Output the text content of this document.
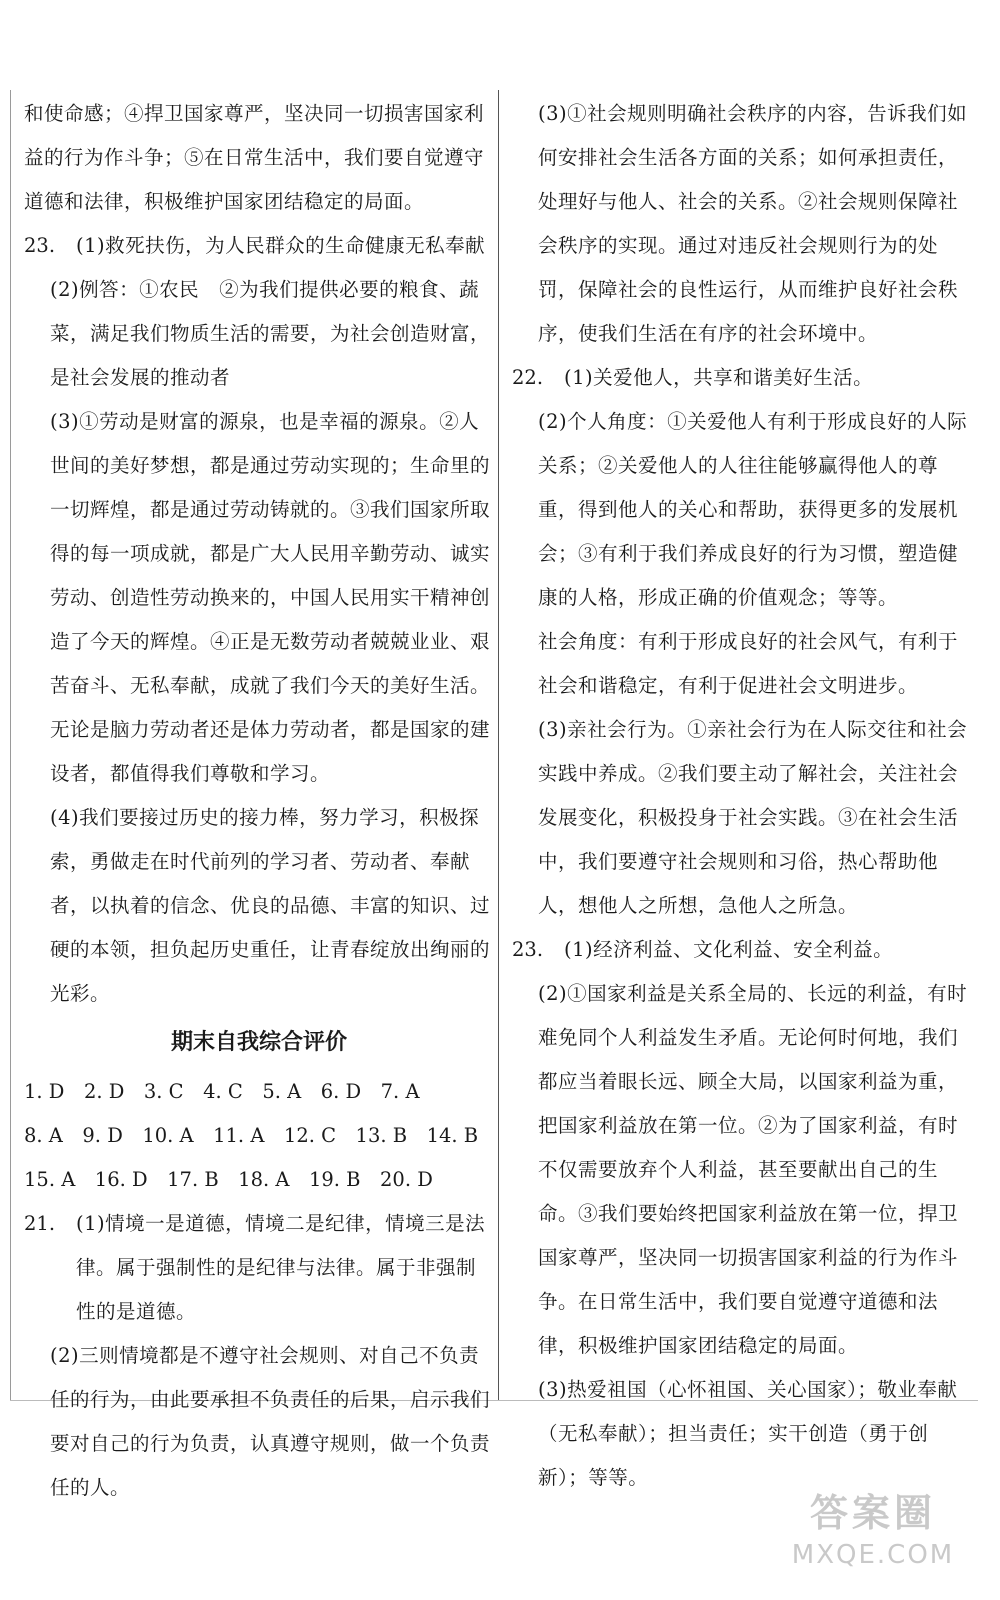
和使命感；④捍卫国家尊严，坚决同一切损害国家利

益的行为作斗争；⑤在日常生活中，我们要自觉遵守

道德和法律，积极维护国家团结稳定的局面。

23.	(1)救死扶伤，为人民群众的生命健康无私奉献

(2)例答：①农民　②为我们提供必要的粮食、蔬菜，满足我们物质生活的需要，为社会创造财富，是社会发展的推动者

(3)①劳动是财富的源泉，也是幸福的源泉。②人世间的美好梦想，都是通过劳动实现的；生命里的一切辉煌，都是通过劳动铸就的。③我们国家所取得的每一项成就，都是广大人民用辛勤劳动、诚实劳动、创造性劳动换来的，中国人民用实干精神创造了今天的辉煌。④正是无数劳动者兢兢业业、艰苦奋斗、无私奉献，成就了我们今天的美好生活。无论是脑力劳动者还是体力劳动者，都是国家的建设者，都值得我们尊敬和学习。

(4)我们要接过历史的接力棒，努力学习，积极探索，勇做走在时代前列的学习者、劳动者、奉献者，以执着的信念、优良的品德、丰富的知识、过硬的本领，担负起历史重任，让青春绽放出绚丽的光彩。

期末自我综合评价
1. D　2. D　3. C　4. C　5. A　6. D　7. A
8. A　9. D　10. A　11. A　12. C　13. B　14. B
15. A　16. D　17. B　18. A　19. B　20. D
21.	(1)情境一是道德，情境二是纪律，情境三是法律。属于强制性的是纪律与法律。属于非强制性的是道德。

(2)三则情境都是不遵守社会规则、对自己不负责任的行为，由此要承担不负责任的后果，启示我们要对自己的行为负责，认真遵守规则，做一个负责任的人。

(3)①社会规则明确社会秩序的内容，告诉我们如何安排社会生活各方面的关系；如何承担责任，处理好与他人、社会的关系。②社会规则保障社会秩序的实现。通过对违反社会规则行为的处罚，保障社会的良性运行，从而维护良好社会秩序，使我们生活在有序的社会环境中。

22.	(1)关爱他人，共享和谐美好生活。

(2)个人角度：①关爱他人有利于形成良好的人际关系；②关爱他人的人往往能够赢得他人的尊重，得到他人的关心和帮助，获得更多的发展机会；③有利于我们养成良好的行为习惯，塑造健康的人格，形成正确的价值观念；等等。

社会角度：有利于形成良好的社会风气，有利于社会和谐稳定，有利于促进社会文明进步。

(3)亲社会行为。①亲社会行为在人际交往和社会实践中养成。②我们要主动了解社会，关注社会发展变化，积极投身于社会实践。③在社会生活中，我们要遵守社会规则和习俗，热心帮助他人，想他人之所想，急他人之所急。

23.	(1)经济利益、文化利益、安全利益。

(2)①国家利益是关系全局的、长远的利益，有时难免同个人利益发生矛盾。无论何时何地，我们都应当着眼长远、顾全大局，以国家利益为重，把国家利益放在第一位。②为了国家利益，有时不仅需要放弃个人利益，甚至要献出自己的生命。③我们要始终把国家利益放在第一位，捍卫国家尊严，坚决同一切损害国家利益的行为作斗争。在日常生活中，我们要自觉遵守道德和法律，积极维护国家团结稳定的局面。

(3)热爱祖国（心怀祖国、关心国家）；敬业奉献（无私奉献）；担当责任；实干创造（勇于创新）；等等。

答案圈
MXQE.COM
